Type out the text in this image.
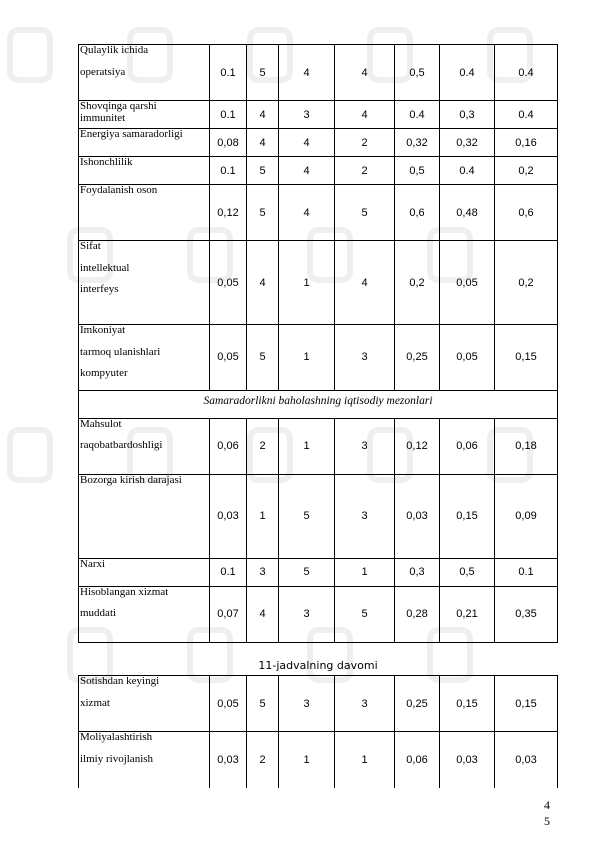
Qulaylik ichida
operatsiya	0.1	5	4	4	0,5	0.4	0.4

Shovqinga qarshi
immunitet	0.1	4	3	4	0.4	0,3	0.4

Energiya samaradorligi	0,08	4	4	2	0,32	0,32	0,16

Ishonchlilik	0.1	5	4	2	0,5	0.4	0,2

Foydalanish oson	0,12	5	4	5	0,6	0,48	0,6

Sifat
intellektual
interfeys	0,05	4	1	4	0,2	0,05	0,2

Imkoniyat
tarmoq ulanishlari
kompyuter	0,05	5	1	3	0,25	0,05	0,15
Samaradorlikni baholashning iqtisodiy mezonlari							

Mahsulot
raqobatbardoshligi	0,06	2	1	3	0,12	0,06	0,18

Bozorga kirish darajasi	0,03	1	5	3	0,03	0,15	0,09

Narxi	0.1	3	5	1	0,3	0,5	0.1

Hisoblangan xizmat
muddati	0,07	4	3	5	0,28	0,21	0,35
11-jadvalning davomi
Sotishdan keyingi
xizmat	0,05	5	3	3	0,25	0,15	0,15

Moliyalashtirish
ilmiy rivojlanish	0,03	2	1	1	0,06	0,03	0,03
4
5
